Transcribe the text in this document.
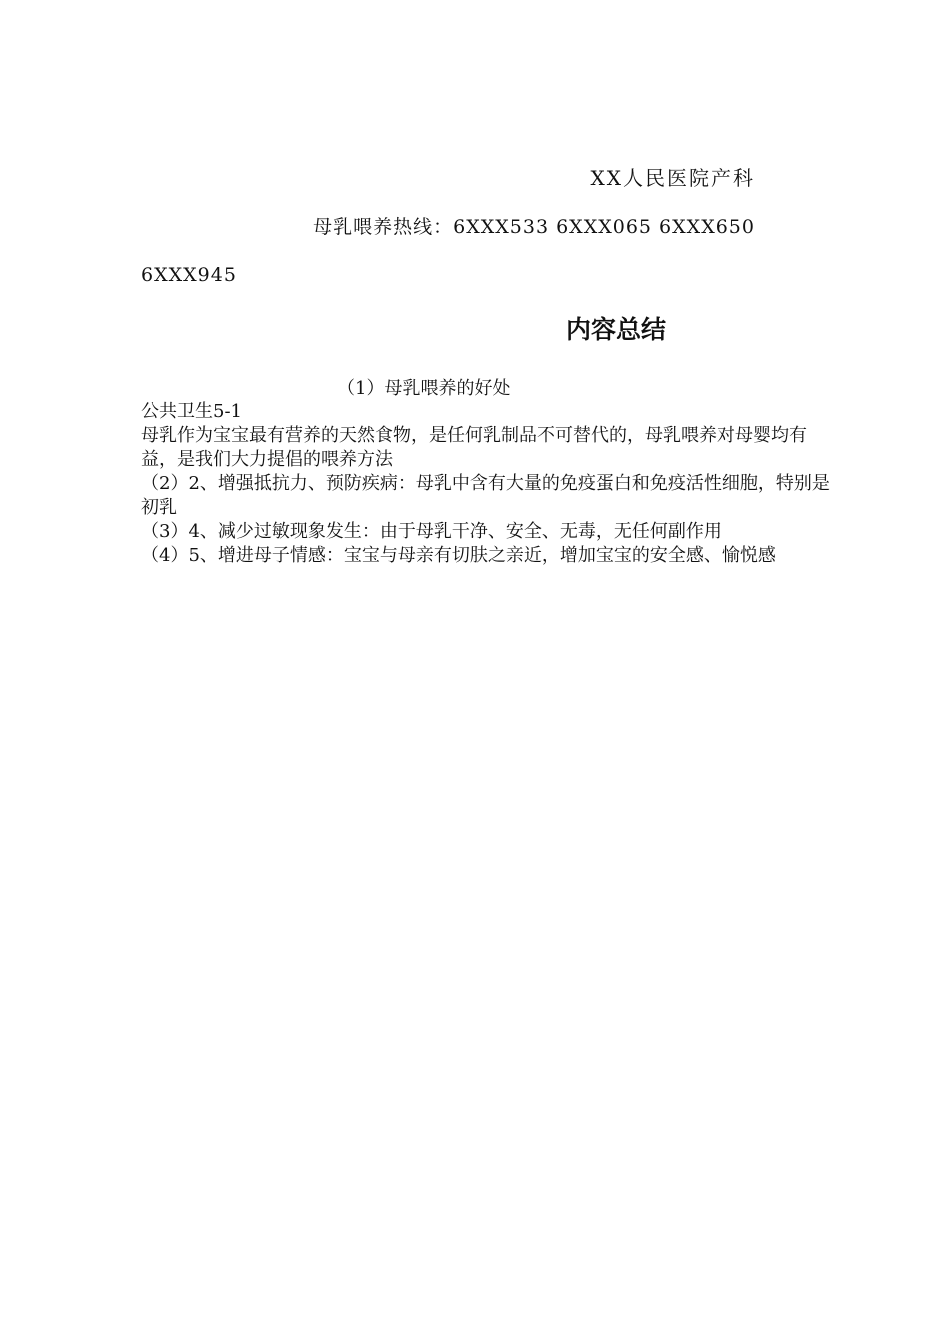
XX人民医院产科
母乳喂养热线：6XXX533 6XXX065 6XXX650
6XXX945
内容总结
（1）母乳喂养的好处

公共卫生5-1

母乳作为宝宝最有营养的天然食物，是任何乳制品不可替代的，母乳喂养对母婴均有益，是我们大力提倡的喂养方法

（2）2、增强抵抗力、预防疾病：母乳中含有大量的免疫蛋白和免疫活性细胞，特别是初乳

（3）4、减少过敏现象发生：由于母乳干净、安全、无毒，无任何副作用

（4）5、增进母子情感：宝宝与母亲有切肤之亲近，增加宝宝的安全感、愉悦感
